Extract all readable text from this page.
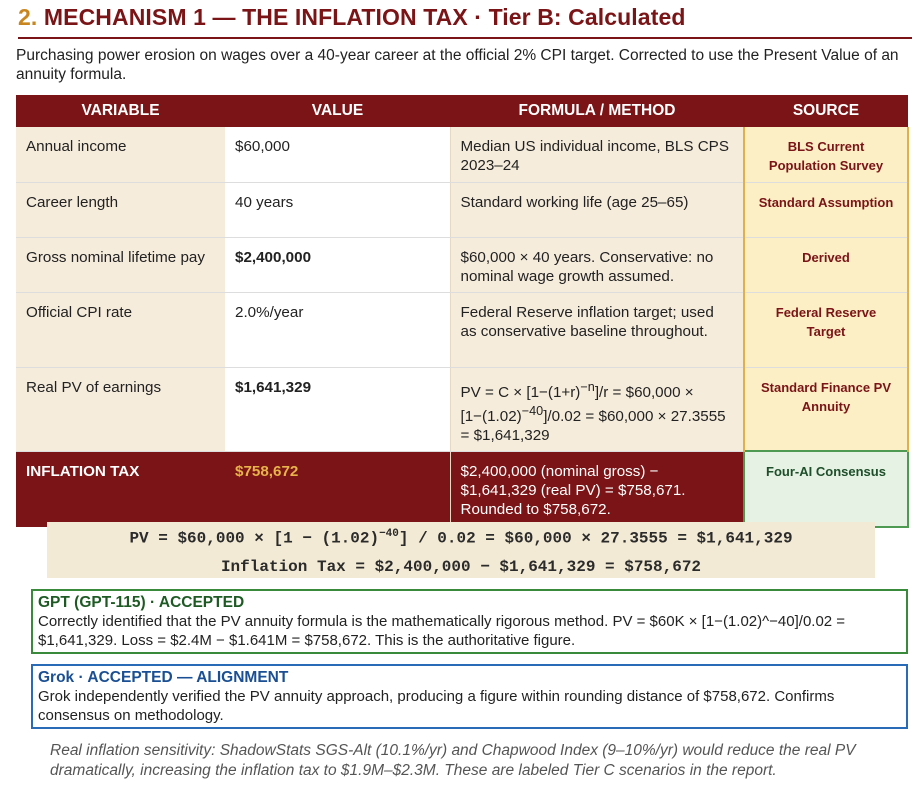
2. MECHANISM 1 — THE INFLATION TAX · Tier B: Calculated
Purchasing power erosion on wages over a 40-year career at the official 2% CPI target. Corrected to use the Present Value of an annuity formula.
VARIABLE	VALUE	FORMULA / METHOD	SOURCE
Annual income	$60,000	Median US individual income, BLS CPS 2023–24	BLS Current Population Survey
Career length	40 years	Standard working life (age 25–65)	Standard Assumption
Gross nominal lifetime pay	$2,400,000	$60,000 × 40 years. Conservative: no nominal wage growth assumed.	Derived
Official CPI rate	2.0%/year	Federal Reserve inflation target; used as conservative baseline throughout.	Federal Reserve Target
Real PV of earnings	$1,641,329	PV = $C \times [1-(1+r)^{-n}]/r$ = $60,000 × $[1-(1.02)^{-40}]/0.02$ = $60,000 × 27.3555 = $1,641,329	Standard Finance PV Annuity
INFLATION TAX	$758,672	$2,400,000 (nominal gross) − $1,641,329 (real PV) = $758,671. Rounded to $758,672.	Four-AI Consensus
PV = $60,000 × $[1 - (1.02)^{-40}] / 0.02$ = $60,000 × 27.3555 = $1,641,329
Inflation Tax = $2,400,000 − $1,641,329 = $758,672
GPT (GPT-115) · ACCEPTED
Correctly identified that the PV annuity formula is the mathematically rigorous method. PV = $60K × [1−(1.02)^−40]/0.02 = $1,641,329. Loss = $2.4M − $1.641M = $758,672. This is the authoritative figure.
Grok · ACCEPTED — ALIGNMENT
Grok independently verified the PV annuity approach, producing a figure within rounding distance of $758,672. Confirms consensus on methodology.
Real inflation sensitivity: ShadowStats SGS-Alt (10.1%/yr) and Chapwood Index (9–10%/yr) would reduce the real PV dramatically, increasing the inflation tax to $1.9M–$2.3M. These are labeled Tier C scenarios in the report.
